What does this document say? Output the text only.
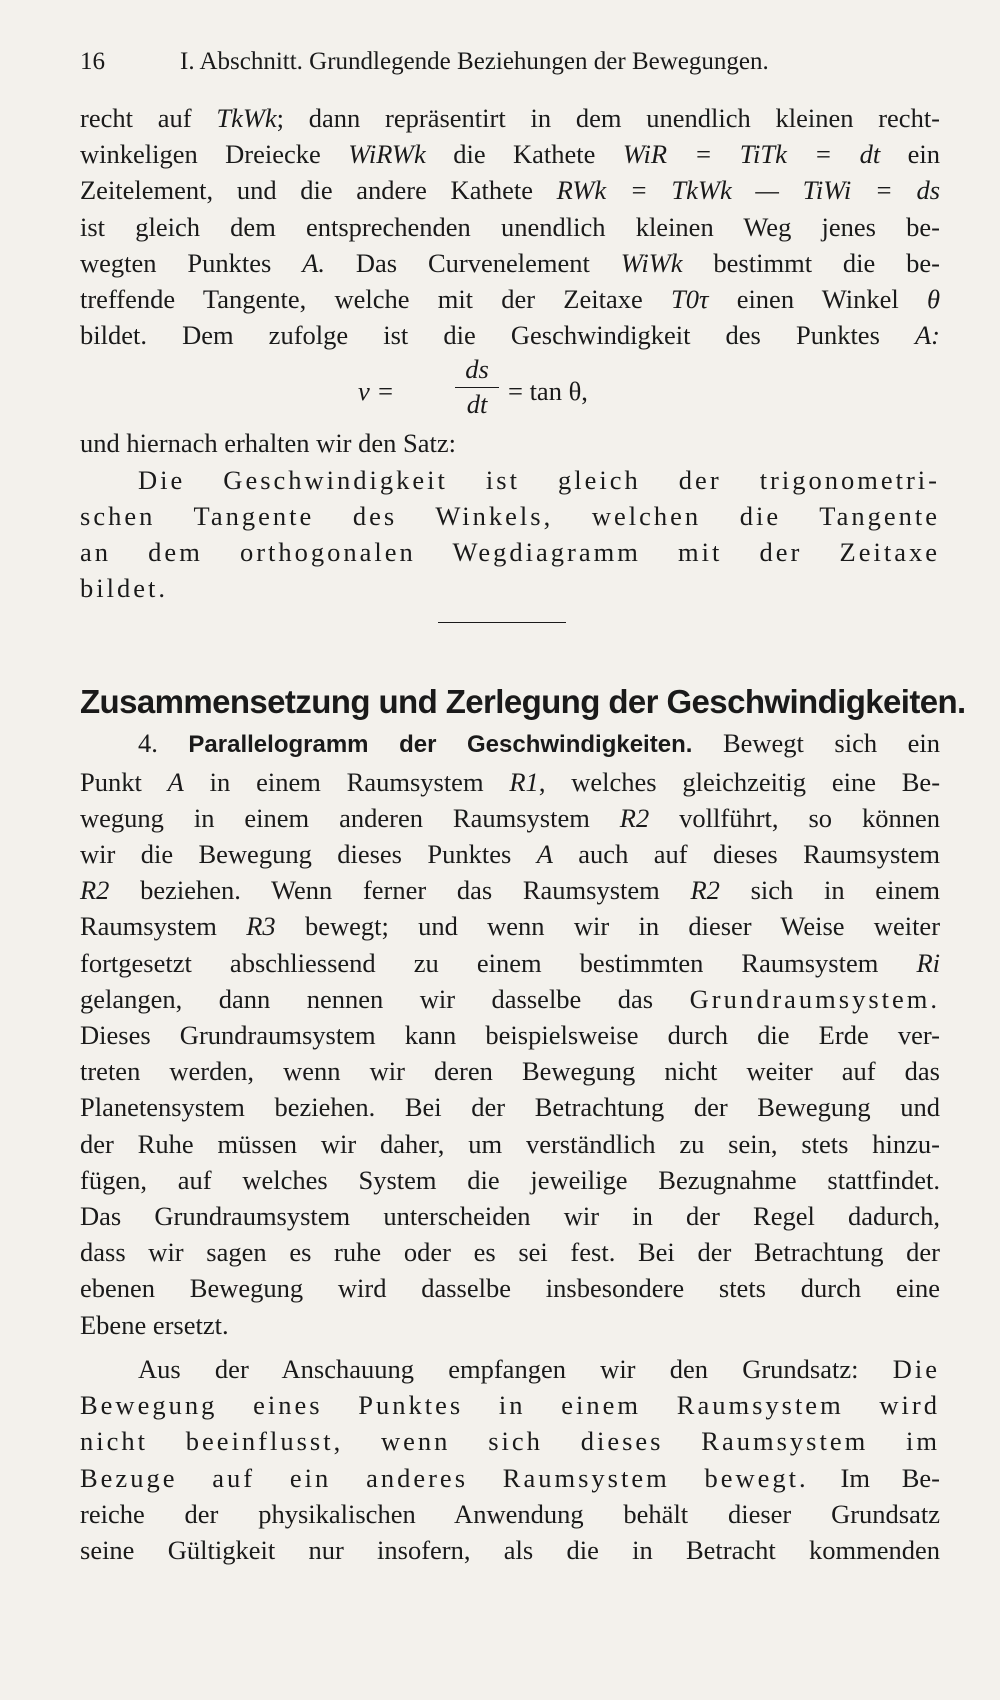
16	I. Abschnitt. Grundlegende Beziehungen der Bewegungen.
recht auf TkWk; dann repräsentirt in dem unendlich kleinen recht-
winkeligen Dreiecke WiRWk die Kathete WiR = TiTk = dt ein
Zeitelement, und die andere Kathete RWk = TkWk — TiWi = ds
ist gleich dem entsprechenden unendlich kleinen Weg jenes be-
wegten Punktes A. Das Curvenelement WiWk bestimmt die be-
treffende Tangente, welche mit der Zeitaxe T0τ einen Winkel θ
bildet. Dem zufolge ist die Geschwindigkeit des Punktes A:
v =
ds
dt = tan θ,
und hiernach erhalten wir den Satz:
Die Geschwindigkeit ist gleich der trigonometri-
schen Tangente des Winkels, welchen die Tangente
an dem orthogonalen Wegdiagramm mit der Zeitaxe
bildet.
Zusammensetzung und Zerlegung der Geschwindigkeiten.
4. Parallelogramm der Geschwindigkeiten. Bewegt sich ein
Punkt A in einem Raumsystem R1, welches gleichzeitig eine Be-
wegung in einem anderen Raumsystem R2 vollführt, so können
wir die Bewegung dieses Punktes A auch auf dieses Raumsystem
R2 beziehen. Wenn ferner das Raumsystem R2 sich in einem
Raumsystem R3 bewegt; und wenn wir in dieser Weise weiter
fortgesetzt abschliessend zu einem bestimmten Raumsystem Ri
gelangen, dann nennen wir dasselbe das Grundraumsystem.
Dieses Grundraumsystem kann beispielsweise durch die Erde ver-
treten werden, wenn wir deren Bewegung nicht weiter auf das
Planetensystem beziehen. Bei der Betrachtung der Bewegung und
der Ruhe müssen wir daher, um verständlich zu sein, stets hinzu-
fügen, auf welches System die jeweilige Bezugnahme stattfindet.
Das Grundraumsystem unterscheiden wir in der Regel dadurch,
dass wir sagen es ruhe oder es sei fest. Bei der Betrachtung der
ebenen Bewegung wird dasselbe insbesondere stets durch eine
Ebene ersetzt.
Aus der Anschauung empfangen wir den Grundsatz: Die
Bewegung eines Punktes in einem Raumsystem wird
nicht beeinflusst, wenn sich dieses Raumsystem im
Bezuge auf ein anderes Raumsystem bewegt. Im Be-
reiche der physikalischen Anwendung behält dieser Grundsatz
seine Gültigkeit nur insofern, als die in Betracht kommenden
